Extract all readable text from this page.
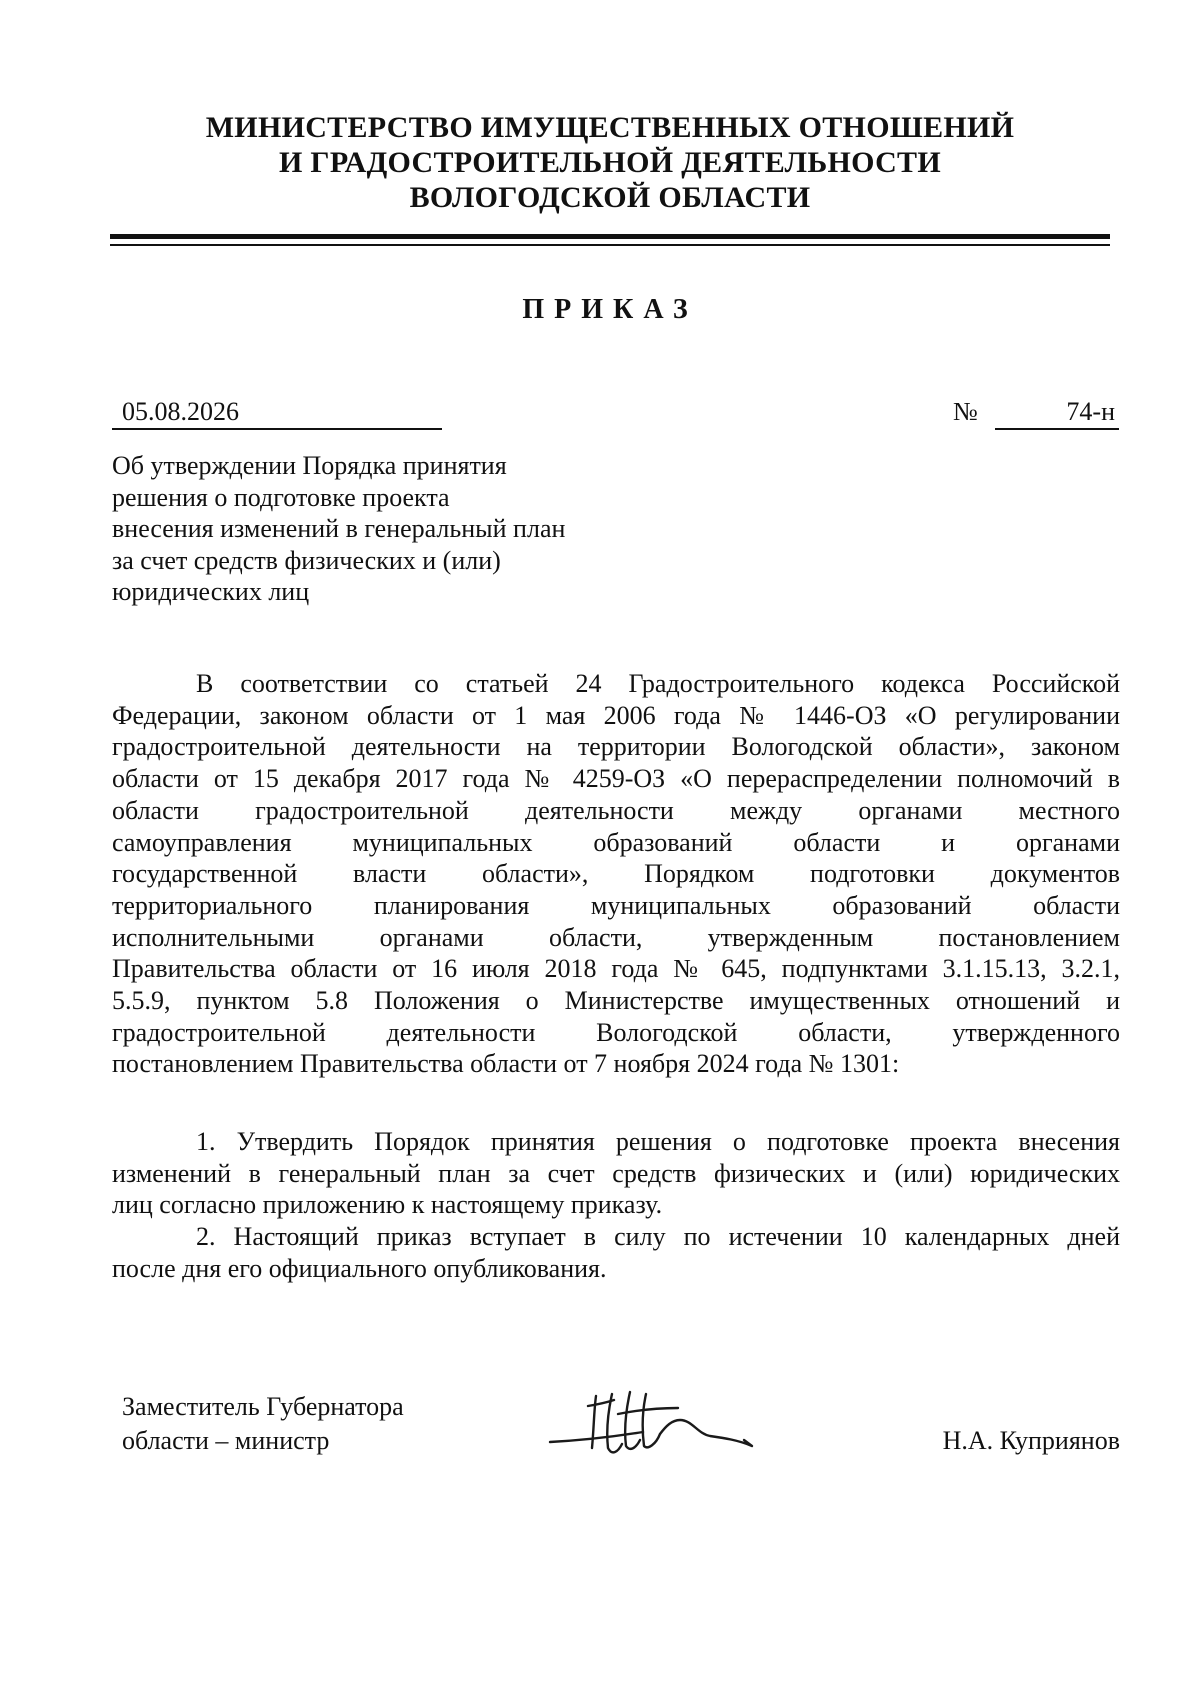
МИНИСТЕРСТВО ИМУЩЕСТВЕННЫХ ОТНОШЕНИЙ
И ГРАДОСТРОИТЕЛЬНОЙ ДЕЯТЕЛЬНОСТИ
ВОЛОГОДСКОЙ ОБЛАСТИ
ПРИКАЗ
05.08.2026	№	74-н
Об утверждении Порядка принятия
решения о подготовке проекта
внесения изменений в генеральный план
за счет средств физических и (или)
юридических лиц
В соответствии со статьей 24 Градостроительного кодекса Российской
Федерации, законом области от 1 мая 2006 года № 1446-ОЗ «О регулировании
градостроительной деятельности на территории Вологодской области», законом
области от 15 декабря 2017 года № 4259-ОЗ «О перераспределении полномочий в
области градостроительной деятельности между органами местного
самоуправления муниципальных образований области и органами
государственной власти области», Порядком подготовки документов
территориального планирования муниципальных образований области
исполнительными органами области, утвержденным постановлением
Правительства области от 16 июля 2018 года № 645, подпунктами 3.1.15.13, 3.2.1,
5.5.9, пунктом 5.8 Положения о Министерстве имущественных отношений и
градостроительной деятельности Вологодской области, утвержденного
постановлением Правительства области от 7 ноября 2024 года № 1301:
1. Утвердить Порядок принятия решения о подготовке проекта внесения
изменений в генеральный план за счет средств физических и (или) юридических
лиц согласно приложению к настоящему приказу.
2. Настоящий приказ вступает в силу по истечении 10 календарных дней
после дня его официального опубликования.
Заместитель Губернатора
области – министр	Н.А. Куприянов
